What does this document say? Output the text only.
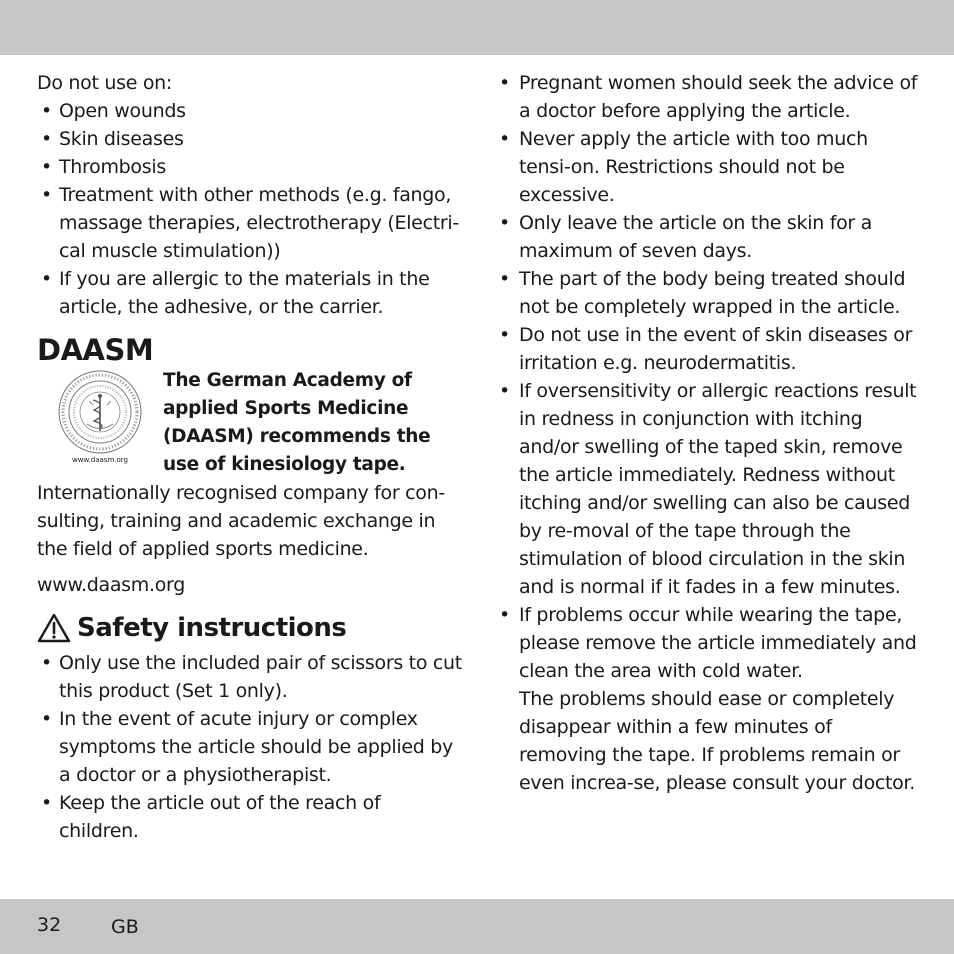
Do not use on:

• Open wounds
• Skin diseases
• Thrombosis
• Treatment with other methods (e.g. fango, massage therapies, electrotherapy (Electri-cal muscle stimulation))
• If you are allergic to the materials in the article, the adhesive, or the carrier.
DAASM
www.daasm.org
The German Academy of applied Sports Medicine (DAASM) recommends the use of kinesiology tape.

Internationally recognised company for con-sulting, training and academic exchange in the field of applied sports medicine.

www.daasm.org

Safety instructions
• Only use the included pair of scissors to cut this product (Set 1 only).
• In the event of acute injury or complex symptoms the article should be applied by a doctor or a physiotherapist.
• Keep the article out of the reach of children.
• Pregnant women should seek the advice of a doctor before applying the article.
• Never apply the article with too much tensi-on. Restrictions should not be excessive.
• Only leave the article on the skin for a maximum of seven days.
• The part of the body being treated should not be completely wrapped in the article.
• Do not use in the event of skin diseases or irritation e.g. neurodermatitis.
• If oversensitivity or allergic reactions result in redness in conjunction with itching and/or swelling of the taped skin, remove the article immediately. Redness without itching and/or swelling can also be caused by re-moval of the tape through the stimulation of blood circulation in the skin and is normal if it fades in a few minutes.
• If problems occur while wearing the tape, please remove the article immediately and clean the area with cold water.
The problems should ease or completely disappear within a few minutes of removing the tape. If problems remain or even increa-se, please consult your doctor.
32	GB
